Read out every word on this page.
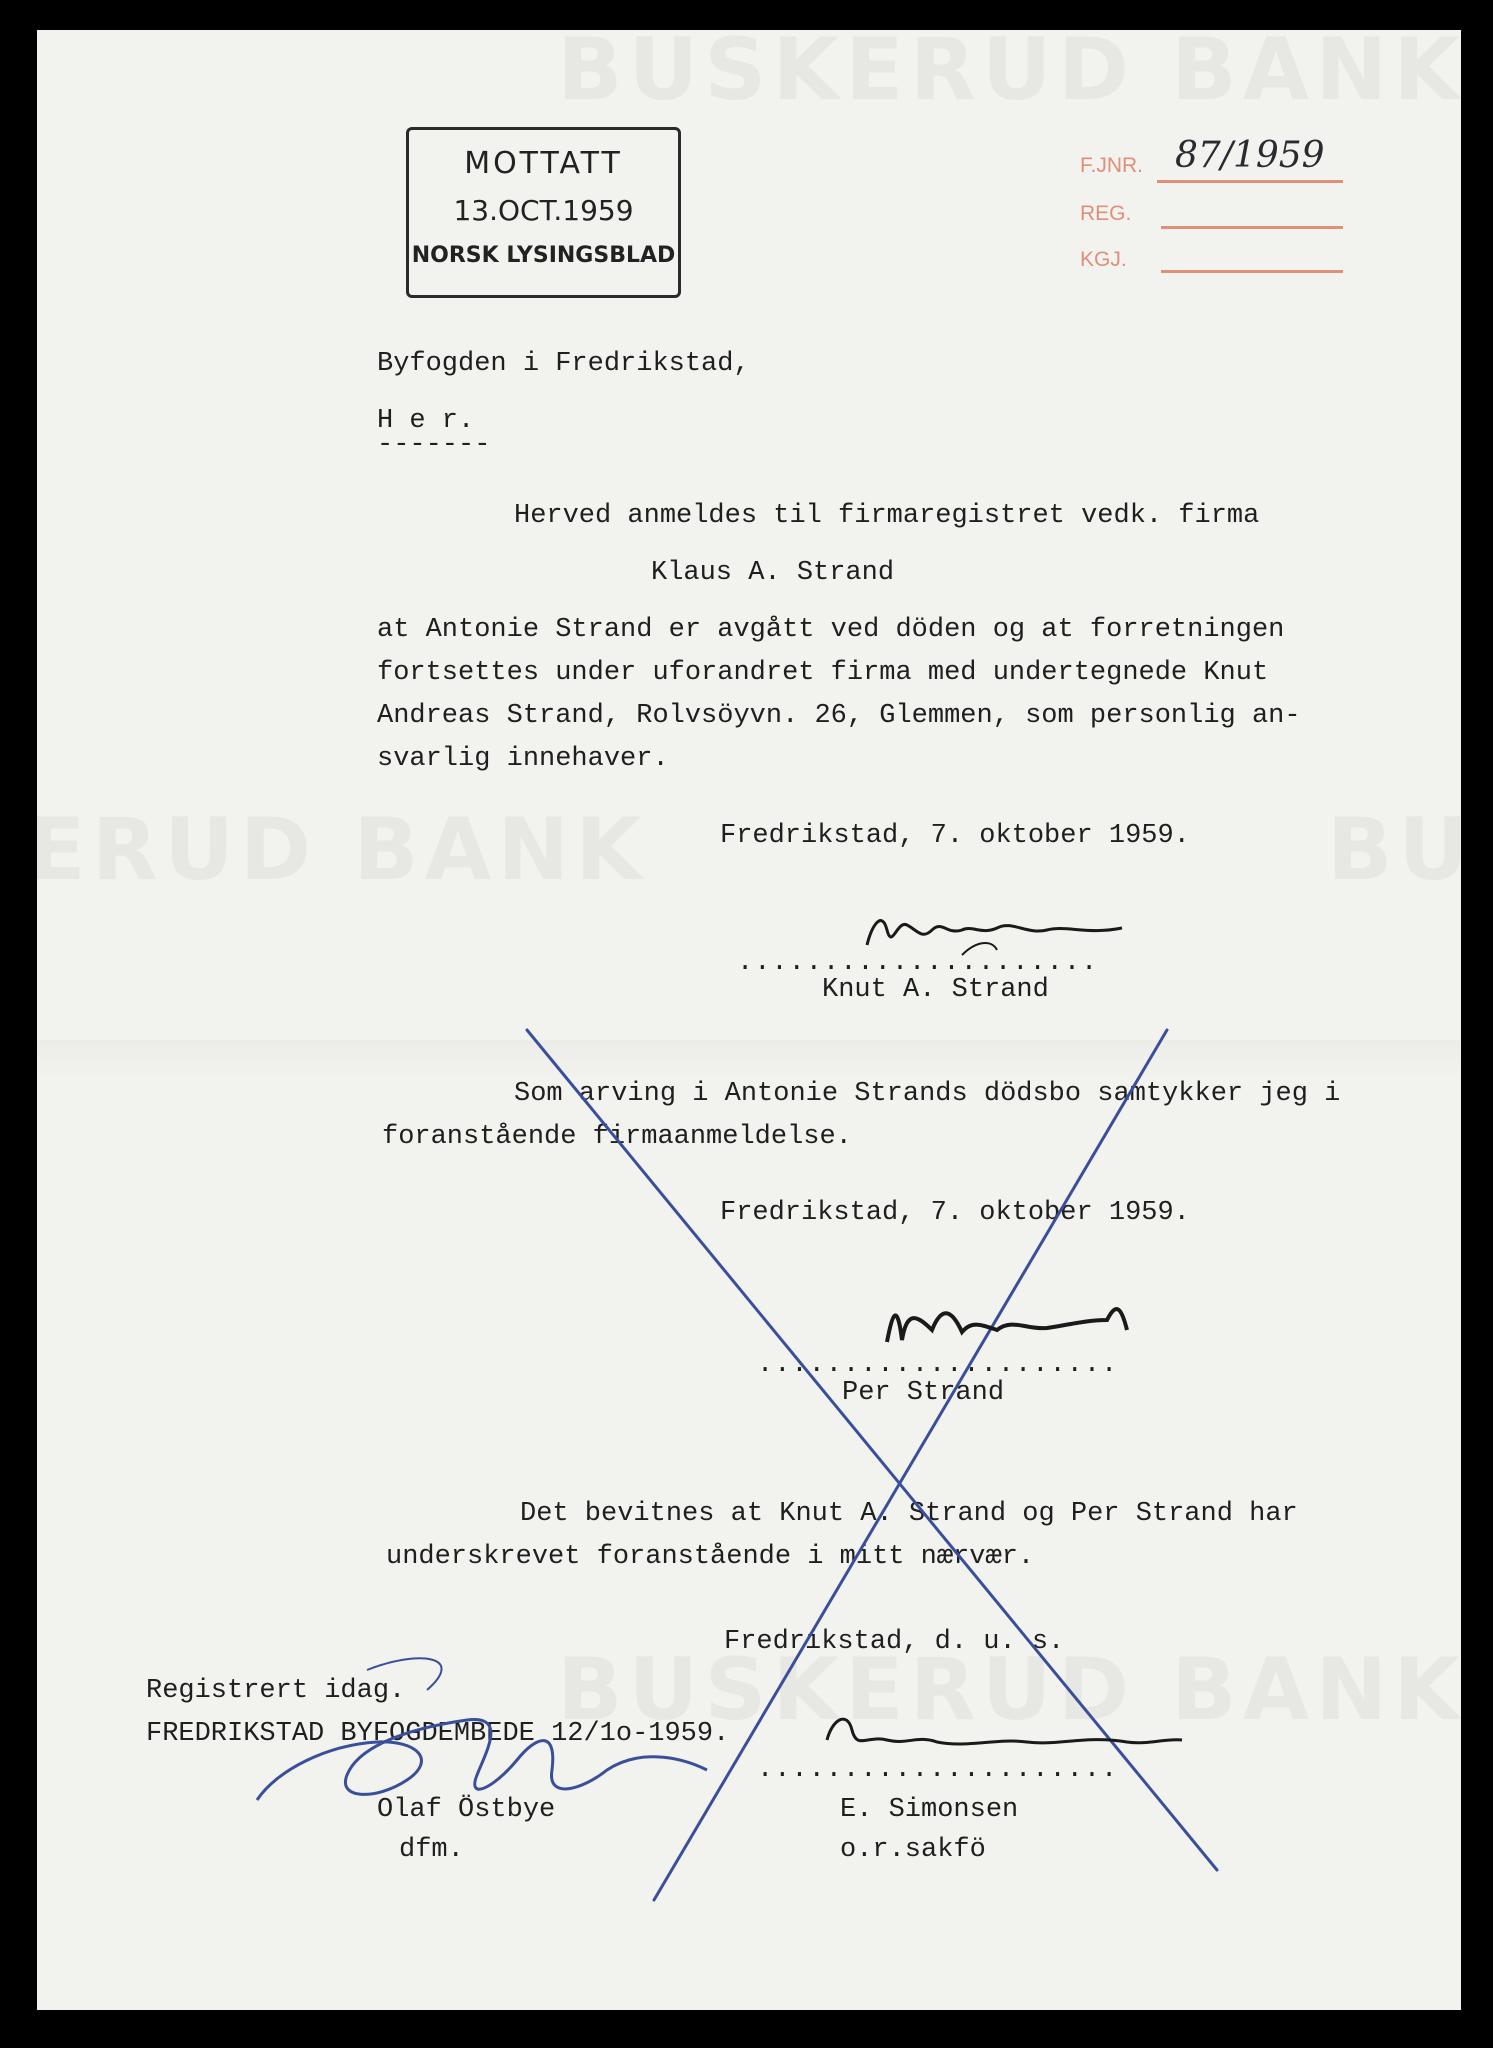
MOTTATT
13.OCT.1959
NORSK LYSINGSBLAD
F.JNR. 87/1959
REG.
KGJ.
Byfogden i Fredrikstad,
H e r.
-------
Herved anmeldes til firmaregistret vedk. firma
Klaus A. Strand
at Antonie Strand er avgått ved döden og at forretningen
fortsettes under uforandret firma med undertegnede Knut
Andreas Strand, Rolvsöyvn. 26, Glemmen, som personlig an-
svarlig innehaver.
Fredrikstad, 7. oktober 1959.
.....................
Knut A. Strand
Som arving i Antonie Strands dödsbo samtykker jeg i
foranstående firmaanmeldelse.
Fredrikstad, 7. oktober 1959.
.....................
Per Strand
Det bevitnes at Knut A. Strand og Per Strand har
underskrevet foranstående i mitt nærvær.
Fredrikstad, d. u. s.
Registrert idag.
FREDRIKSTAD BYFOGDEMBEDE 12/1o-1959.
Olaf Östbye
dfm.
.....................
E. Simonsen
o.r.sakfö
